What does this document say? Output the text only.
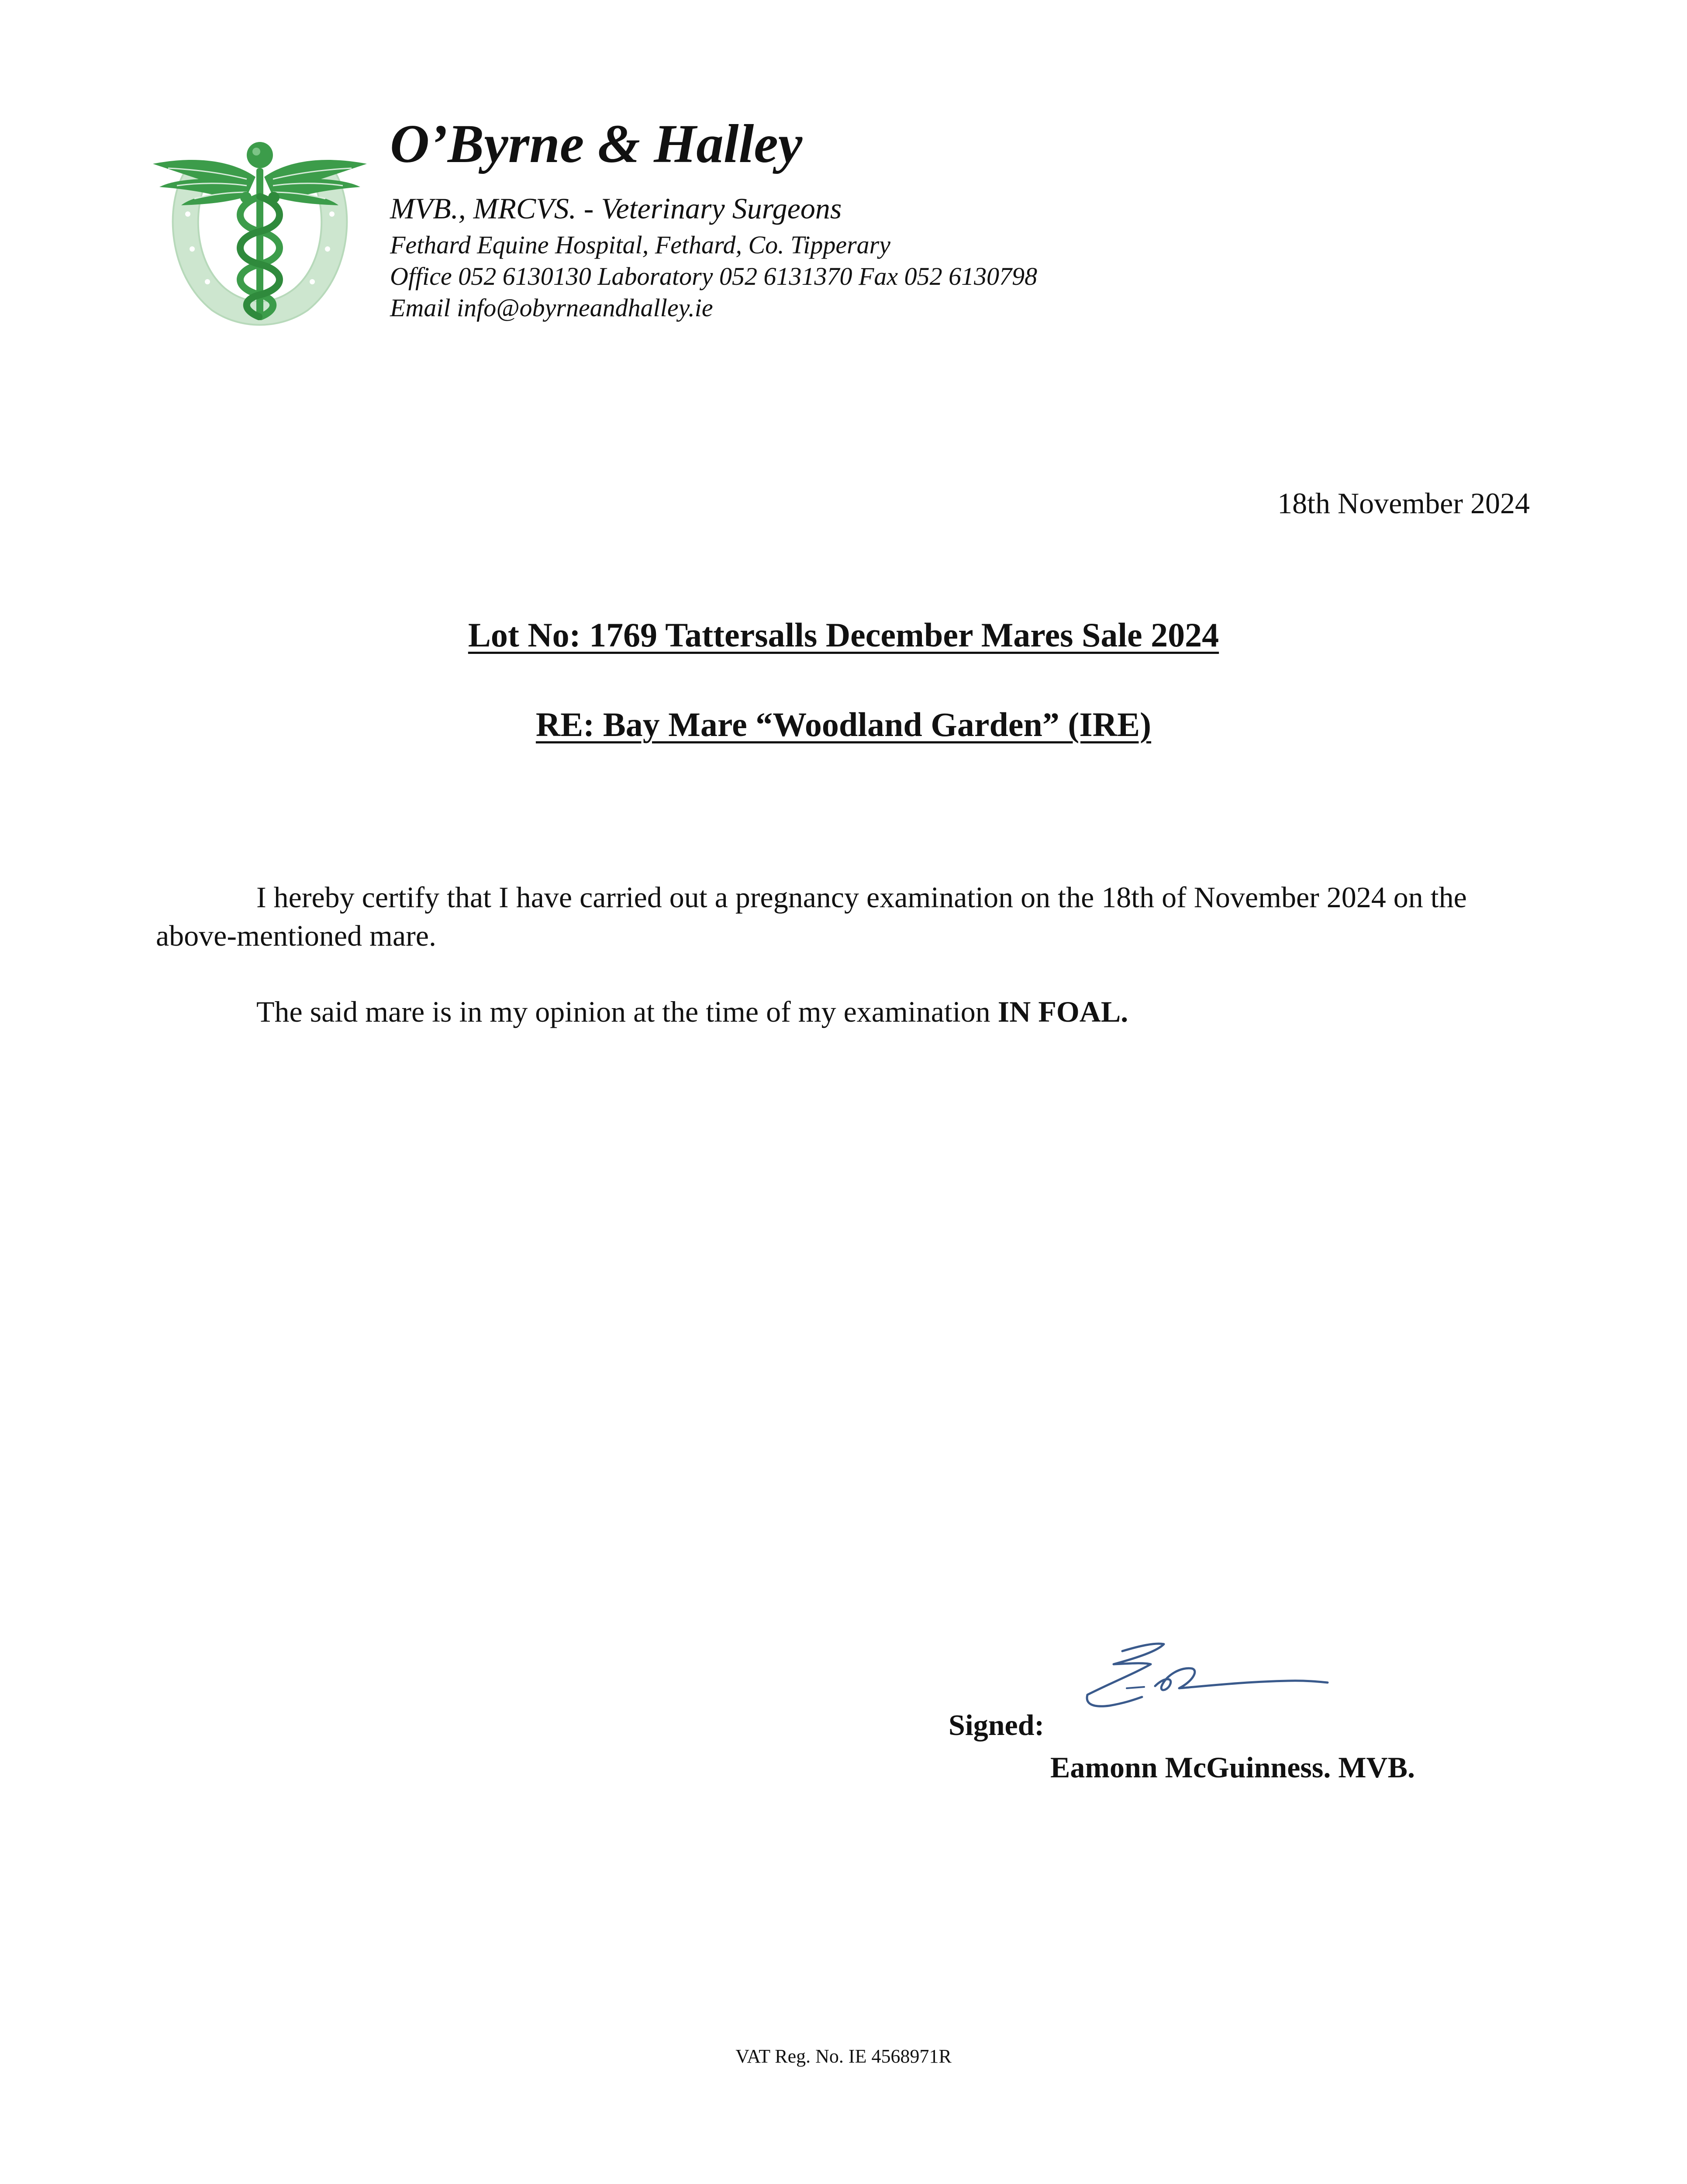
O’Byrne & Halley
MVB., MRCVS. - Veterinary Surgeons
Fethard Equine Hospital, Fethard, Co. Tipperary
Office 052 6130130 Laboratory 052 6131370 Fax 052 6130798
Email info@obyrneandhalley.ie
18th November 2024
Lot No: 1769 Tattersalls December Mares Sale 2024
RE: Bay Mare “Woodland Garden” (IRE)
I hereby certify that I have carried out a pregnancy examination on the 18th of November 2024 on the above-mentioned mare.
The said mare is in my opinion at the time of my examination IN FOAL.
Signed:
Eamonn McGuinness. MVB.
VAT Reg. No. IE 4568971R
